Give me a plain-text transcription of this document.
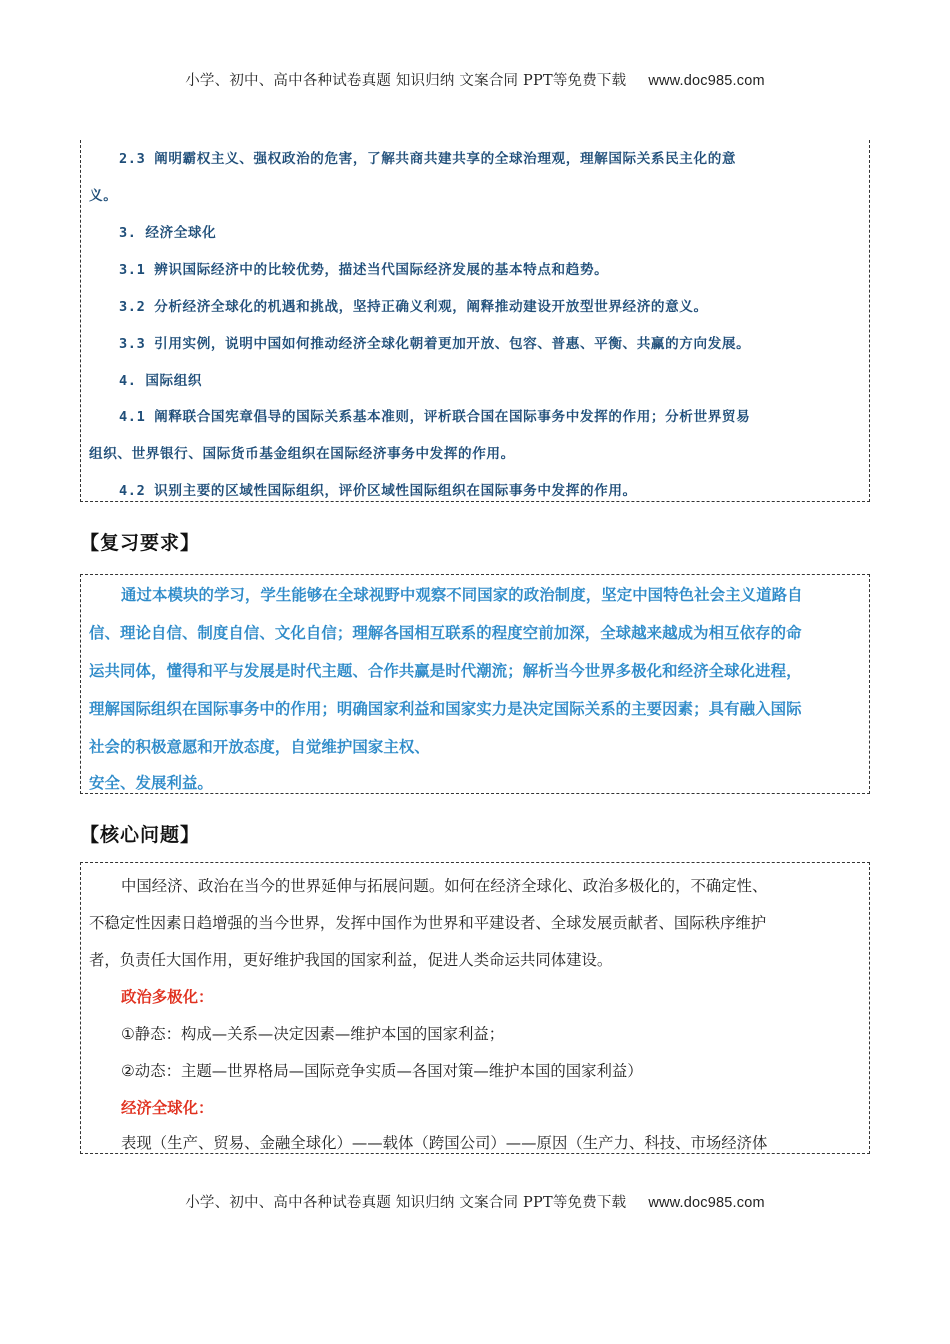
小学、初中、高中各种试卷真题 知识归纳 文案合同 PPT等免费下载 www.doc985.com
2.3 阐明霸权主义、强权政治的危害，了解共商共建共享的全球治理观，理解国际关系民主化的意
义。
3. 经济全球化
3.1 辨识国际经济中的比较优势，描述当代国际经济发展的基本特点和趋势。
3.2 分析经济全球化的机遇和挑战，坚持正确义利观，阐释推动建设开放型世界经济的意义。
3.3 引用实例，说明中国如何推动经济全球化朝着更加开放、包容、普惠、平衡、共赢的方向发展。
4. 国际组织
4.1 阐释联合国宪章倡导的国际关系基本准则，评析联合国在国际事务中发挥的作用；分析世界贸易
组织、世界银行、国际货币基金组织在国际经济事务中发挥的作用。
4.2 识别主要的区域性国际组织，评价区域性国际组织在国际事务中发挥的作用。
【复习要求】
通过本模块的学习，学生能够在全球视野中观察不同国家的政治制度，坚定中国特色社会主义道路自
信、理论自信、制度自信、文化自信；理解各国相互联系的程度空前加深，全球越来越成为相互依存的命
运共同体，懂得和平与发展是时代主题、合作共赢是时代潮流；解析当今世界多极化和经济全球化进程，
理解国际组织在国际事务中的作用；明确国家利益和国家实力是决定国际关系的主要因素；具有融入国际
社会的积极意愿和开放态度，自觉维护国家主权、
安全、发展利益。
【核心问题】
中国经济、政治在当今的世界延伸与拓展问题。如何在经济全球化、政治多极化的，不确定性、
不稳定性因素日趋增强的当今世界，发挥中国作为世界和平建设者、全球发展贡献者、国际秩序维护
者，负责任大国作用，更好维护我国的国家利益，促进人类命运共同体建设。
政治多极化：
①静态：构成—关系—决定因素—维护本国的国家利益；
②动态：主题—世界格局—国际竞争实质—各国对策—维护本国的国家利益）
经济全球化：
表现（生产、贸易、金融全球化）——载体（跨国公司）——原因（生产力、科技、市场经济体
小学、初中、高中各种试卷真题 知识归纳 文案合同 PPT等免费下载 www.doc985.com
